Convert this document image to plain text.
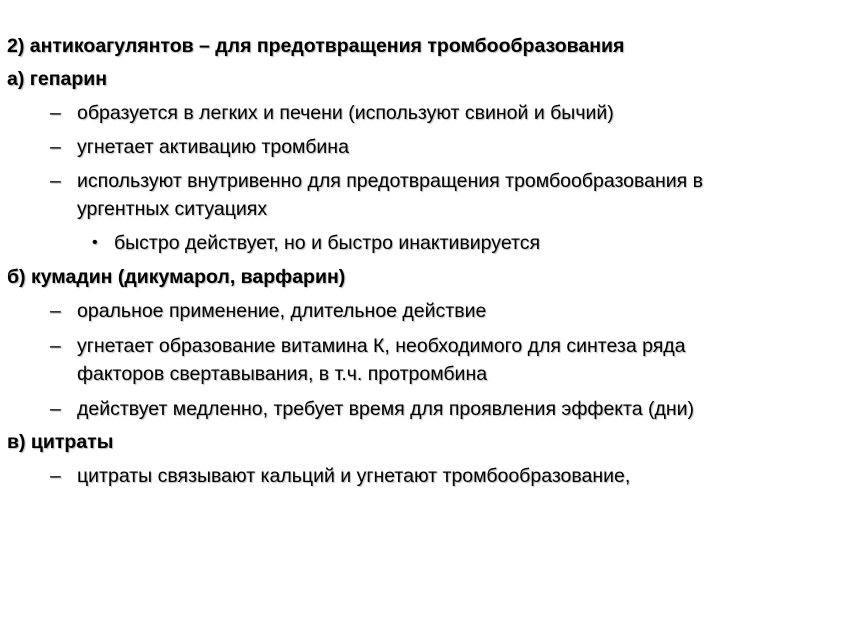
2) антикоагулянтов – для предотвращения тромбообразования
а) гепарин
– образуется в легких и печени (используют свиной и бычий)
– угнетает активацию тромбина
– используют внутривенно для предотвращения тромбообразования в
ургентных ситуациях
• быстро действует, но и быстро инактивируется
б) кумадин (дикумарол, варфарин)
– оральное применение, длительное действие
– угнетает образование витамина К, необходимого для синтеза ряда
факторов свертавывания, в т.ч. протромбина
– действует медленно, требует время для проявления эффекта (дни)
в) цитраты
– цитраты связывают кальций и угнетают тромбообразование,
